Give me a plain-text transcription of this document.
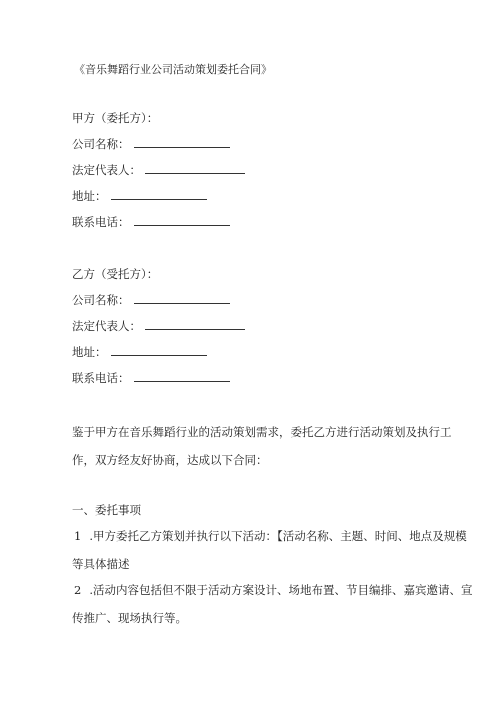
《音乐舞蹈行业公司活动策划委托合同》
甲方（委托方）：
公司名称：
法定代表人：
地址：
联系电话：
乙方（受托方）：
公司名称：
法定代表人：
地址：
联系电话：
鉴于甲方在音乐舞蹈行业的活动策划需求，委托乙方进行活动策划及执行工
作，双方经友好协商，达成以下合同：
一、委托事项
1 .甲方委托乙方策划并执行以下活动：【活动名称、主题、时间、地点及规模
等具体描述
2 .活动内容包括但不限于活动方案设计、场地布置、节目编排、嘉宾邀请、宣
传推广、现场执行等。
